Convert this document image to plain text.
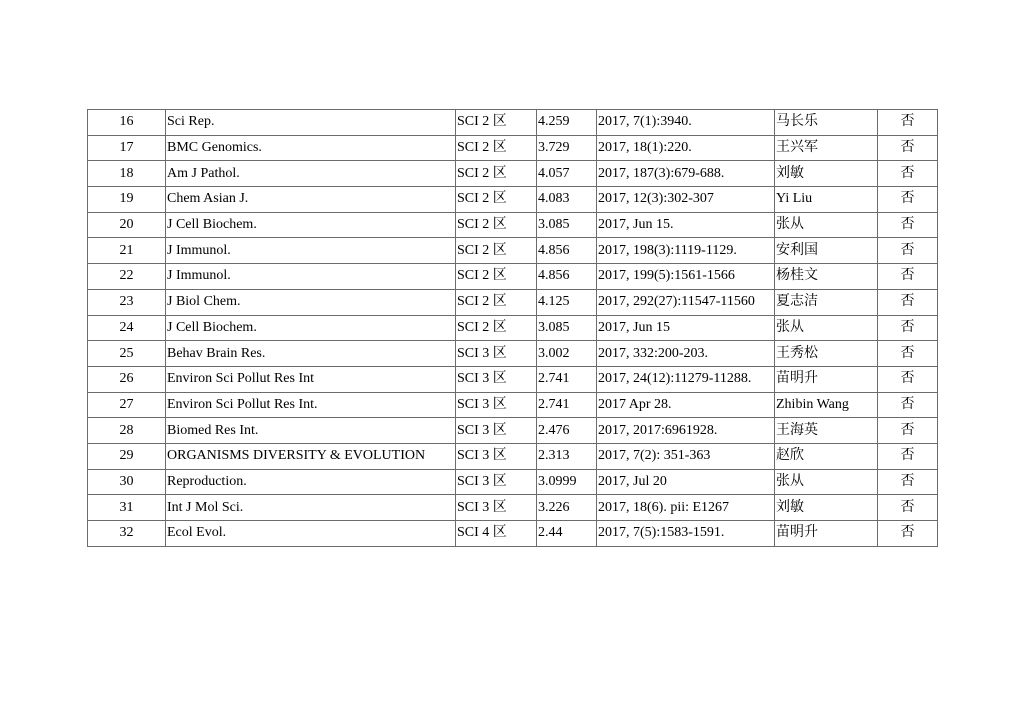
16	Sci Rep.	SCI 2 区	4.259	2017, 7(1):3940.	马长乐	否
17	BMC Genomics.	SCI 2 区	3.729	2017, 18(1):220.	王兴军	否
18	Am J Pathol.	SCI 2 区	4.057	2017, 187(3):679-688.	刘敏	否
19	Chem Asian J.	SCI 2 区	4.083	2017, 12(3):302-307	Yi Liu	否
20	J Cell Biochem.	SCI 2 区	3.085	2017, Jun 15.	张从	否
21	J Immunol.	SCI 2 区	4.856	2017, 198(3):1119-1129.	安利国	否
22	J Immunol.	SCI 2 区	4.856	2017, 199(5):1561-1566	杨桂文	否
23	J Biol Chem.	SCI 2 区	4.125	2017, 292(27):11547-11560	夏志洁	否
24	J Cell Biochem.	SCI 2 区	3.085	2017, Jun 15	张从	否
25	Behav Brain Res.	SCI 3 区	3.002	2017, 332:200-203.	王秀松	否
26	Environ Sci Pollut Res Int	SCI 3 区	2.741	2017, 24(12):11279-11288.	苗明升	否
27	Environ Sci Pollut Res Int.	SCI 3 区	2.741	2017 Apr 28.	Zhibin Wang	否
28	Biomed Res Int.	SCI 3 区	2.476	2017, 2017:6961928.	王海英	否
29	ORGANISMS DIVERSITY & EVOLUTION	SCI 3 区	2.313	2017, 7(2): 351-363	赵欣	否
30	Reproduction.	SCI 3 区	3.0999	2017, Jul 20	张从	否
31	Int J Mol Sci.	SCI 3 区	3.226	2017, 18(6). pii: E1267	刘敏	否
32	Ecol Evol.	SCI 4 区	2.44	2017, 7(5):1583-1591.	苗明升	否
